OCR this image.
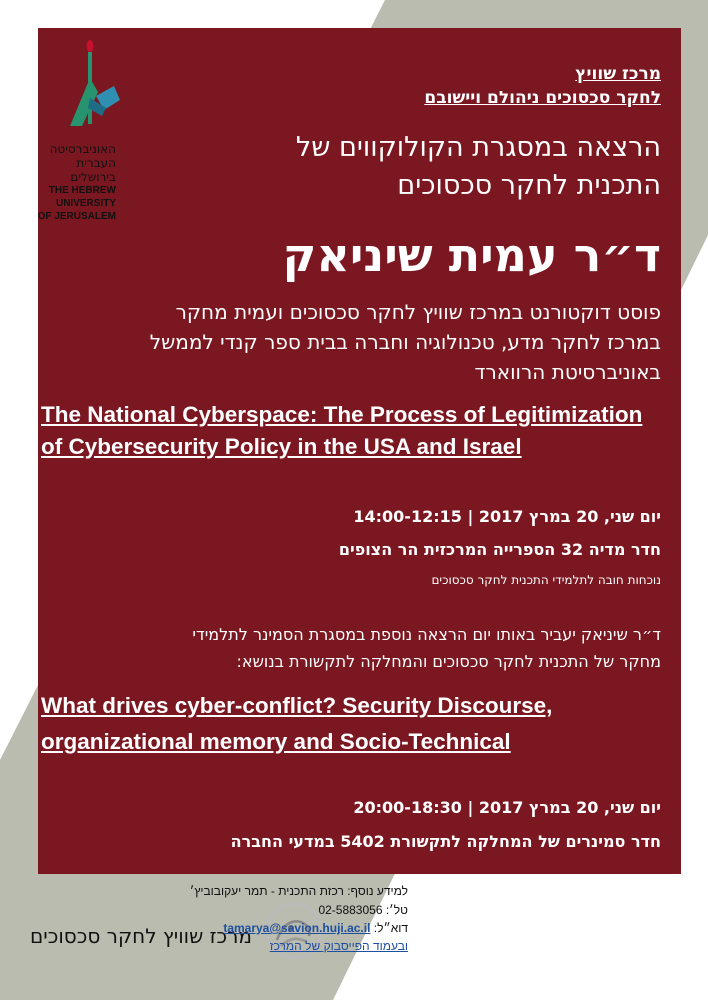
האוניברסיטה
העברית
בירושלים
THE HEBREW
UNIVERSITY
OF JERUSALEM
מרכז שוויץ
לחקר סכסוכים ניהולם ויישובם
הרצאה במסגרת הקולוקווים של
התכנית לחקר סכסוכים
ד״ר עמית שיניאק
פוסט דוקטורנט במרכז שוויץ לחקר סכסוכים ועמית מחקר
במרכז לחקר מדע, טכנולוגיה וחברה בבית ספר קנדי לממשל
באוניברסיטת הרווארד
The National Cyberspace: The Process of Legitimization
of Cybersecurity Policy in the USA and Israel
יום שני, 20 במרץ 2017 | 14:00-12:15
חדר מדיה 32 הספרייה המרכזית הר הצופים
נוכחות חובה לתלמידי התכנית לחקר סכסוכים
ד״ר שיניאק יעביר באותו יום הרצאה נוספת במסגרת הסמינר לתלמידי
מחקר של התכנית לחקר סכסוכים והמחלקה לתקשורת בנושא:
What drives cyber-conflict? Security Discourse,
organizational memory and Socio-Technical
יום שני, 20 במרץ 2017 | 20:00-18:30
חדר סמינרים של המחלקה לתקשורת 5402 במדעי החברה
מרכז שוויץ לחקר סכסוכים
למידע נוסף: רכזת התכנית - תמר יעקובוביץ׳
טל׳: 02-5883056
דוא״ל: tamarya@savion.huji.ac.il
ובעמוד הפייסבוק של המרכז
